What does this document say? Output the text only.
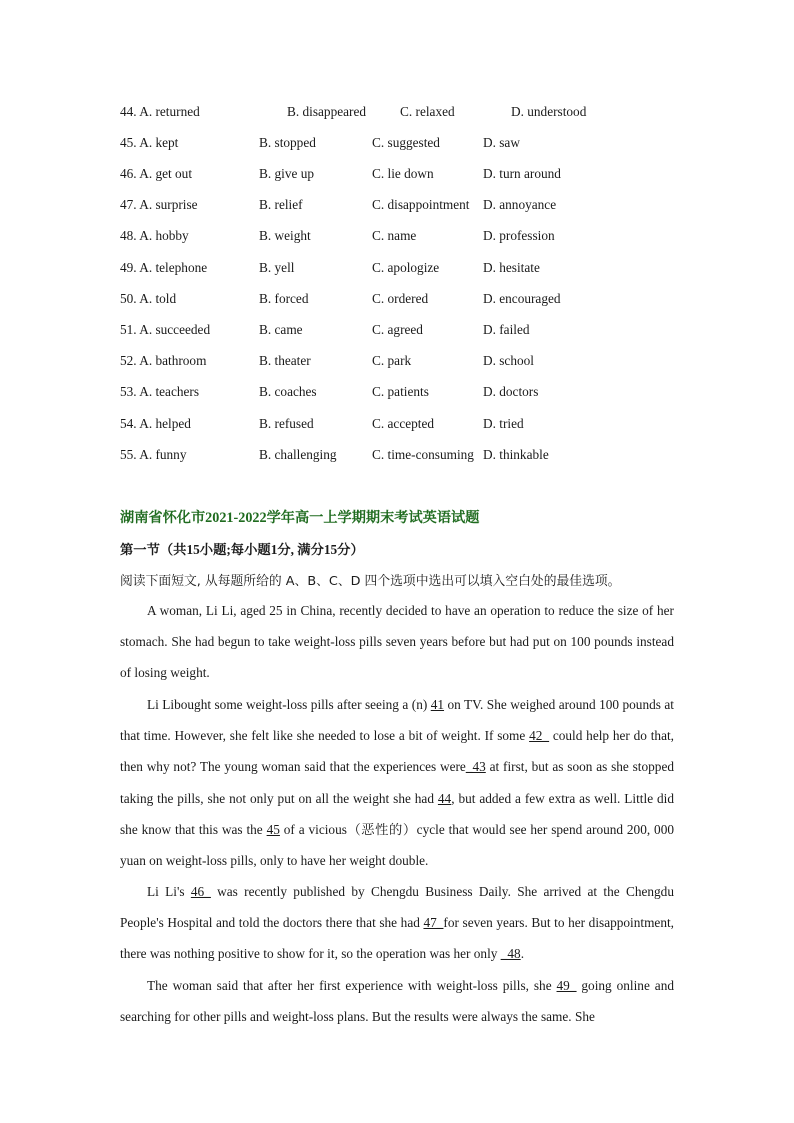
44. A. returned	B. disappeared	C. relaxed	D. understood
45. A. kept	B. stopped	C. suggested	D. saw
46. A. get out	B. give up	C. lie down	D. turn around
47. A. surprise	B. relief	C. disappointment D. annoyance
48. A. hobby	B. weight	C. name	D. profession
49. A. telephone	B. yell	C. apologize	D. hesitate
50. A. told	B. forced	C. ordered	D. encouraged
51. A. succeeded	B. came	C. agreed	D. failed
52. A. bathroom	B. theater	C. park	D. school
53. A. teachers	B. coaches	C. patients	D. doctors
54. A. helped	B. refused	C. accepted	D. tried
55. A. funny	B. challenging	C. time-consuming D. thinkable
湖南省怀化市2021-2022学年高一上学期期末考试英语试题
第一节（共15小题;每小题1分, 满分15分）
阅读下面短文, 从每题所给的 A、B、C、D 四个选项中选出可以填入空白处的最佳选项。

A woman, Li Li, aged 25 in China, recently decided to have an operation to reduce the size of her stomach. She had begun to take weight-loss pills seven years before but had put on 100 pounds instead of losing weight.

Li Libought some weight-loss pills after seeing a (n) 41 on TV. She weighed around 100 pounds at that time. However, she felt like she needed to lose a bit of weight. If some 42_ could help her do that, then why not? The young woman said that the experiences were_43 at first, but as soon as she stopped taking the pills, she not only put on all the weight she had 44, but added a few extra as well. Little did she know that this was the 45 of a vicious（恶性的）cycle that would see her spend around 200, 000 yuan on weight-loss pills, only to have her weight double.

Li Li's 46_ was recently published by Chengdu Business Daily. She arrived at the Chengdu People's Hospital and told the doctors there that she had 47_for seven years. But to her disappointment, there was nothing positive to show for it, so the operation was her only _48.

The woman said that after her first experience with weight-loss pills, she 49_ going online and searching for other pills and weight-loss plans. But the results were always the same. She
